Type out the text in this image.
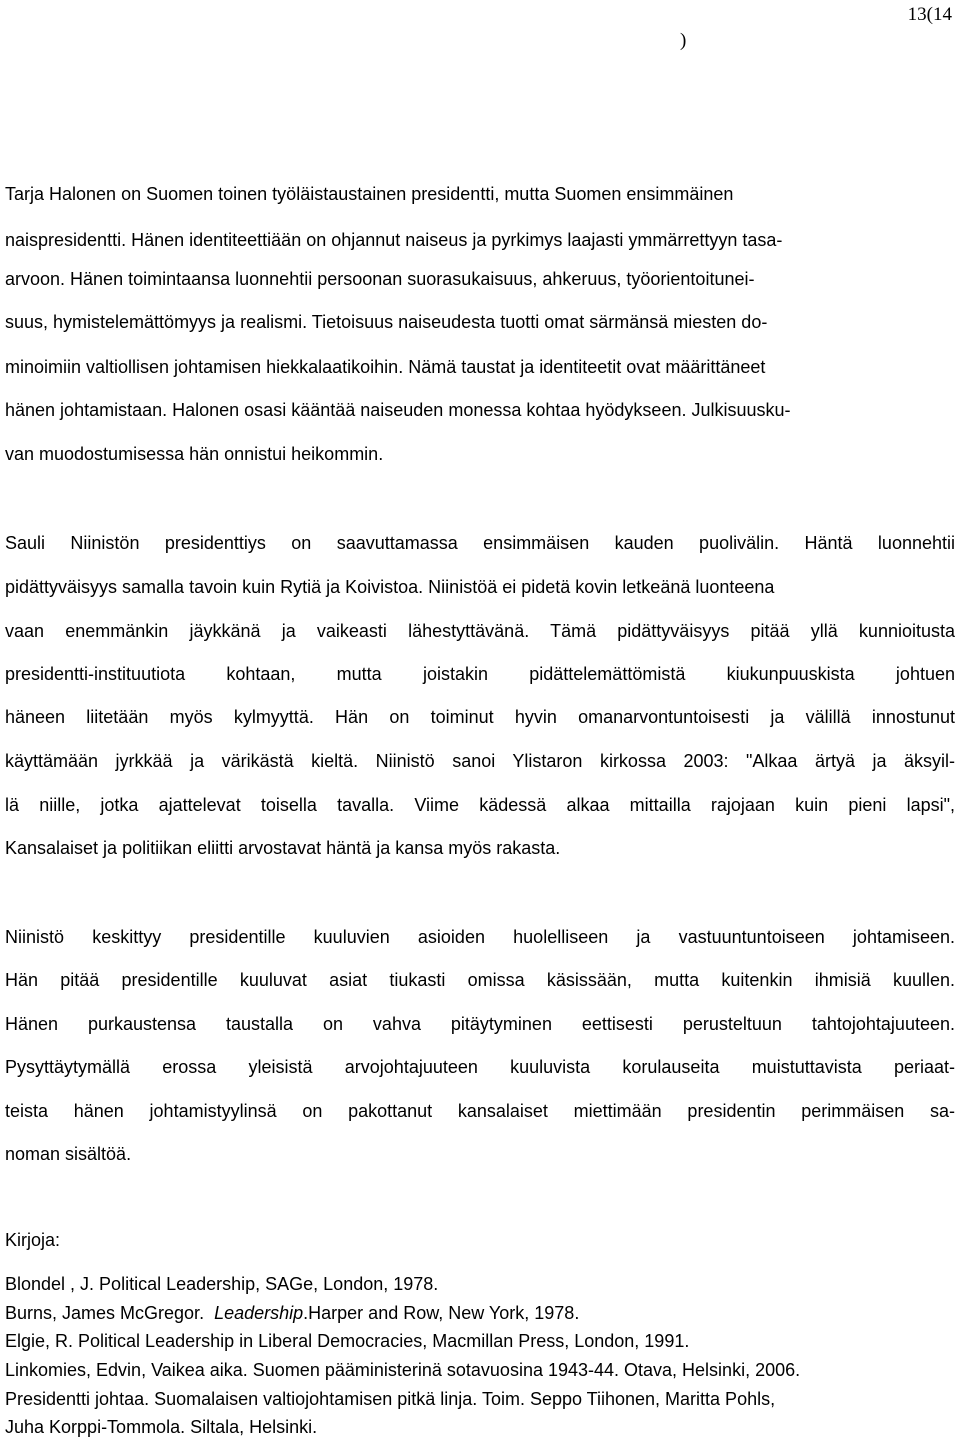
13(14
)
Tarja Halonen on Suomen toinen työläistaustainen presidentti, mutta Suomen ensimmäinen
naispresidentti. Hänen identiteettiään on ohjannut naiseus ja pyrkimys laajasti ymmärrettyyn tasa-
arvoon. Hänen toimintaansa luonnehtii persoonan suorasukaisuus, ahkeruus, työorientoitunei-
suus, hymistelemättömyys ja realismi. Tietoisuus naiseudesta tuotti omat särmänsä miesten do-
minoimiin valtiollisen johtamisen hiekkalaatikoihin. Nämä taustat ja identiteetit ovat määrittäneet
hänen johtamistaan. Halonen osasi kääntää naiseuden monessa kohtaa hyödykseen. Julkisuusku-
van muodostumisessa hän onnistui heikommin.
Sauli Niinistön presidenttiys on saavuttamassa ensimmäisen kauden puolivälin. Häntä luonnehtii
pidättyväisyys samalla tavoin kuin Rytiä ja Koivistoa. Niinistöä ei pidetä kovin letkeänä luonteena
vaan enemmänkin jäykkänä ja vaikeasti lähestyttävänä. Tämä pidättyväisyys pitää yllä kunnioitusta
presidentti-instituutiota kohtaan, mutta joistakin pidättelemättömistä kiukunpuuskista johtuen
häneen liitetään myös kylmyyttä. Hän on toiminut hyvin omanarvontuntoisesti ja välillä innostunut
käyttämään jyrkkää ja värikästä kieltä. Niinistö sanoi Ylistaron kirkossa 2003: "Alkaa ärtyä ja äksyil-
lä niille, jotka ajattelevat toisella tavalla. Viime kädessä alkaa mittailla rajojaan kuin pieni lapsi",
Kansalaiset ja politiikan eliitti arvostavat häntä ja kansa myös rakasta.
Niinistö keskittyy presidentille kuuluvien asioiden huolelliseen ja vastuuntuntoiseen johtamiseen.
Hän pitää presidentille kuuluvat asiat tiukasti omissa käsissään, mutta kuitenkin ihmisiä kuullen.
Hänen purkaustensa taustalla on vahva pitäytyminen eettisesti perusteltuun tahtojohtajuuteen.
Pysyttäytymällä erossa yleisistä arvojohtajuuteen kuuluvista korulauseita muistuttavista periaat-
teista hänen johtamistyylinsä on pakottanut kansalaiset miettimään presidentin perimmäisen sa-
noman sisältöä.
Kirjoja:
Blondel , J. Political Leadership, SAGe, London, 1978.
Burns, James McGregor.  Leadership.Harper and Row, New York, 1978.
Elgie, R. Political Leadership in Liberal Democracies, Macmillan Press, London, 1991.
Linkomies, Edvin, Vaikea aika. Suomen pääministerinä sotavuosina 1943-44. Otava, Helsinki, 2006.
Presidentti johtaa. Suomalaisen valtiojohtamisen pitkä linja. Toim. Seppo Tiihonen, Maritta Pohls,
Juha Korppi-Tommola. Siltala, Helsinki.
